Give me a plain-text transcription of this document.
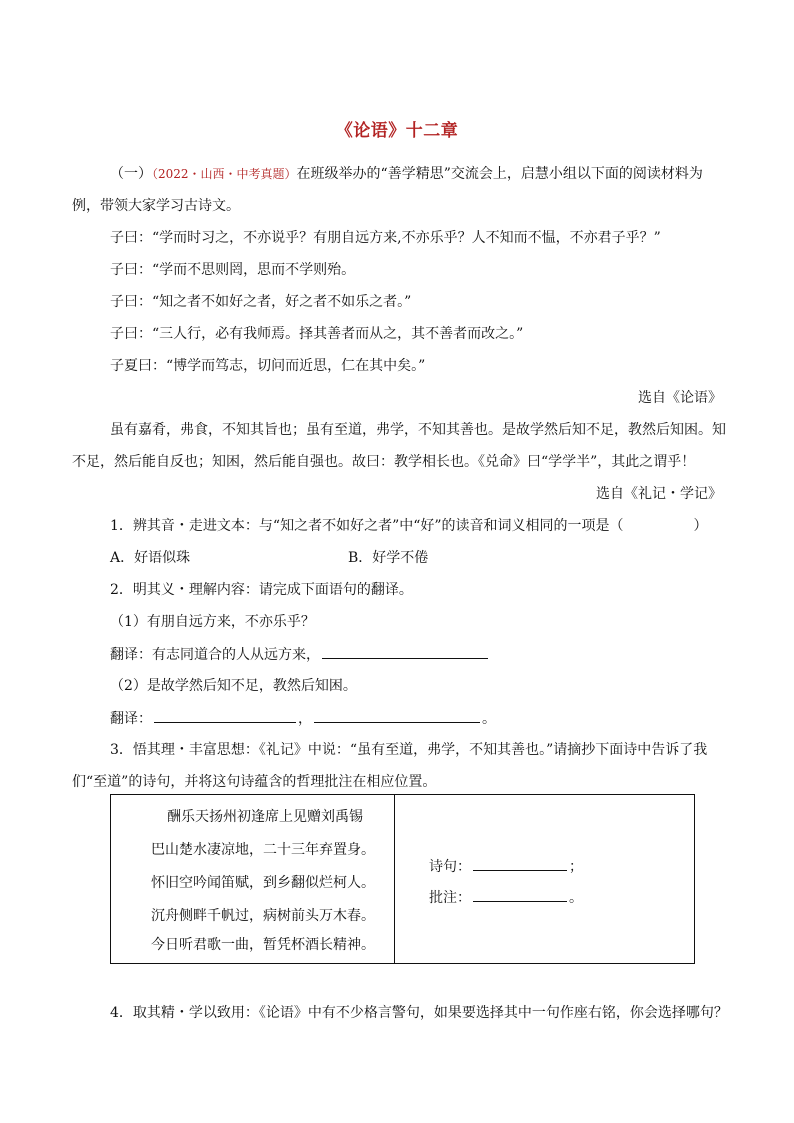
《论语》十二章
（一）（2022・山西・中考真题）在班级举办的“善学精思”交流会上，启慧小组以下面的阅读材料为
例，带领大家学习古诗文。
子曰：“学而时习之，不亦说乎？有朋自远方来,不亦乐乎？人不知而不愠，不亦君子乎？”
子曰：“学而不思则罔，思而不学则殆。
子曰：“知之者不如好之者，好之者不如乐之者。”
子曰：“三人行，必有我师焉。择其善者而从之，其不善者而改之。”
子夏曰：“博学而笃志，切问而近思，仁在其中矣。”
选自《论语》
虽有嘉肴，弗食，不知其旨也；虽有至道，弗学，不知其善也。是故学然后知不足，教然后知困。知
不足，然后能自反也；知困，然后能自强也。故曰：教学相长也。《兑命》曰“学学半”，其此之谓乎！
选自《礼记・学记》
1．辨其音・走进文本：与“知之者不如好之者”中“好”的读音和词义相同的一项是（	）
A．好语似珠	B．好学不倦
2．明其义・理解内容：请完成下面语句的翻译。
（1）有朋自远方来，不亦乐乎？
翻译：有志同道合的人从远方来，
（2）是故学然后知不足，教然后知困。
翻译：	，	。
3．悟其理・丰富思想：《礼记》中说：“虽有至道，弗学，不知其善也。”请摘抄下面诗中告诉了我
们“至道”的诗句，并将这句诗蕴含的哲理批注在相应位置。
酬乐天扬州初逢席上见赠刘禹锡
巴山楚水凄凉地，二十三年弃置身。
怀旧空吟闻笛赋，到乡翻似烂柯人。
沉舟侧畔千帆过，病树前头万木春。
今日听君歌一曲，暂凭杯酒长精神。
诗句：	；
批注：	。
4．取其精・学以致用：《论语》中有不少格言警句，如果要选择其中一句作座右铭，你会选择哪句？
